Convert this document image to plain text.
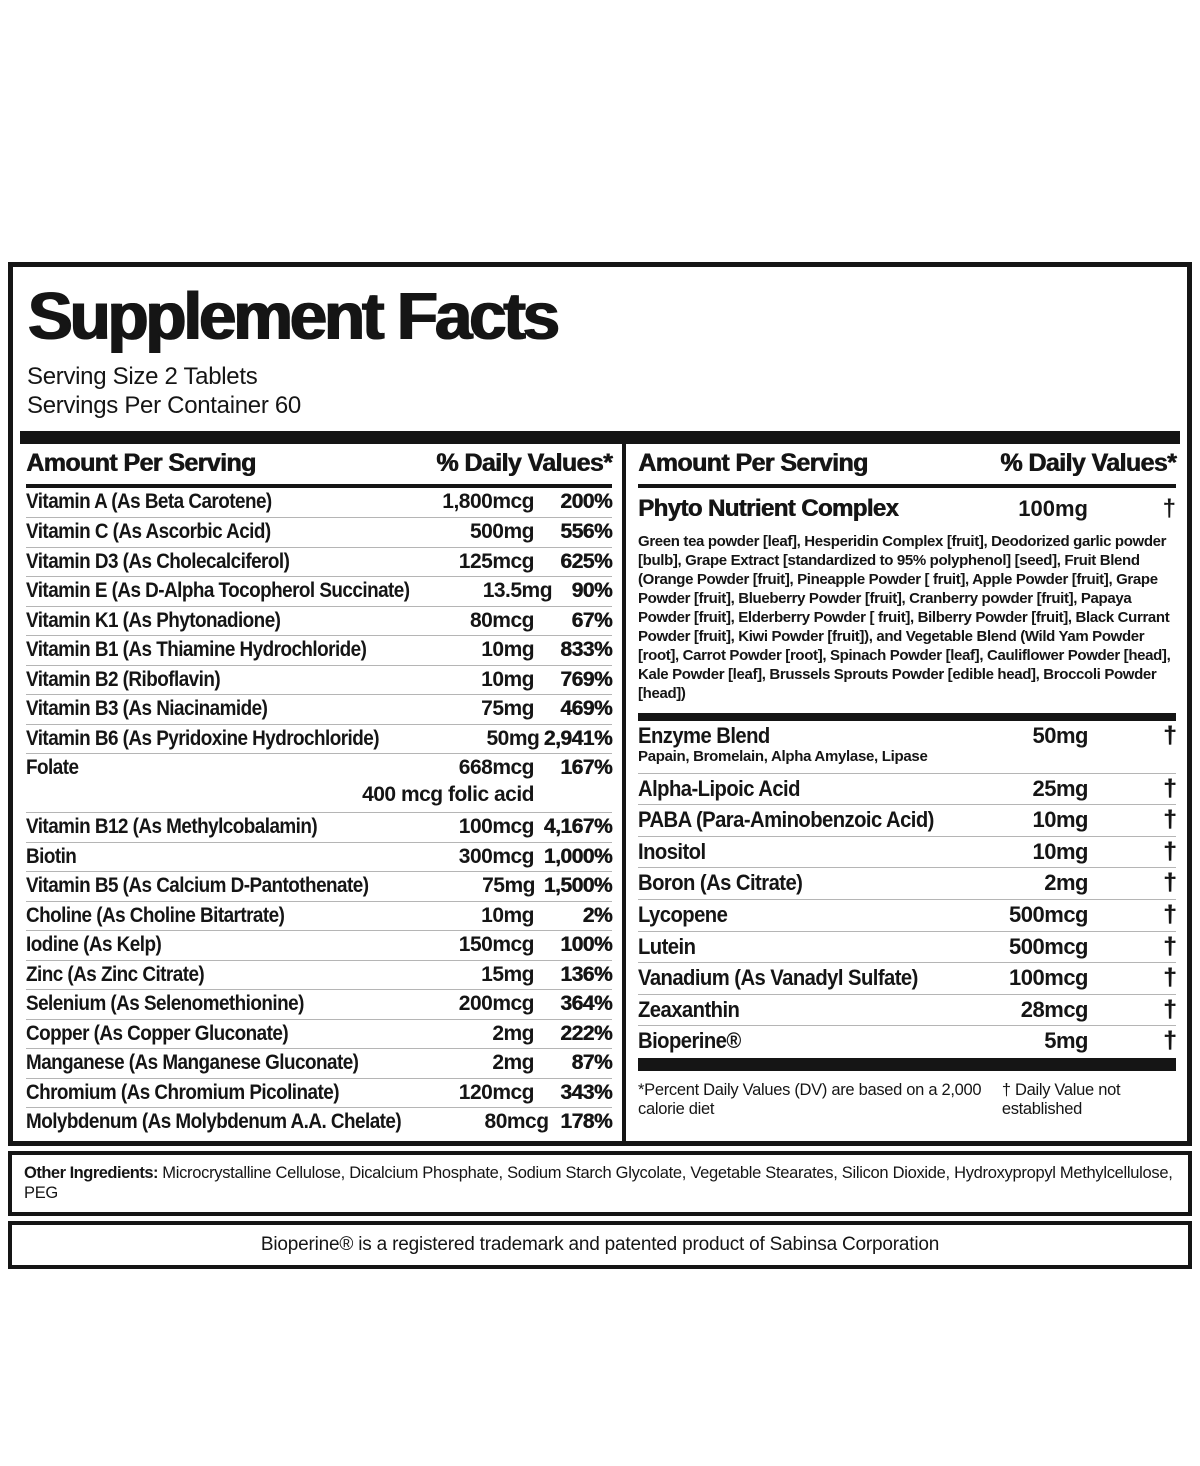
Supplement Facts
Serving Size 2 Tablets
Servings Per Container 60
Amount Per Serving	% Daily Values*
Vitamin A (As Beta Carotene)	1,800mcg	200%
Vitamin C (As Ascorbic Acid)	500mg	556%
Vitamin D3 (As Cholecalciferol)	125mcg	625%
Vitamin E (As D-Alpha Tocopherol Succinate)	13.5mg 90%
Vitamin K1 (As Phytonadione)	80mcg	67%
Vitamin B1 (As Thiamine Hydrochloride)	10mg	833%
Vitamin B2 (Riboflavin)	10mg	769%
Vitamin B3 (As Niacinamide)	75mg	469%
Vitamin B6 (As Pyridoxine Hydrochloride)	50mg 2,941%
Folate	668mcg	167%
400 mcg folic acid
Vitamin B12 (As Methylcobalamin)	100mcg 4,167%
Biotin	300mcg 1,000%
Vitamin B5 (As Calcium D-Pantothenate)	75mg 1,500%
Choline (As Choline Bitartrate)	10mg	2%
Iodine (As Kelp)	150mcg	100%
Zinc (As Zinc Citrate)	15mg	136%
Selenium (As Selenomethionine)	200mcg	364%
Copper (As Copper Gluconate)	2mg	222%
Manganese (As Manganese Gluconate)	2mg	87%
Chromium (As Chromium Picolinate)	120mcg	343%
Molybdenum (As Molybdenum A.A. Chelate)	80mcg 178%
Amount Per Serving	% Daily Values*
Phyto Nutrient Complex	100mg	†
Green tea powder [leaf], Hesperidin Complex [fruit], Deodorized garlic powder [bulb], Grape Extract [standardized to 95% polyphenol] [seed], Fruit Blend (Orange Powder [fruit], Pineapple Powder [ fruit], Apple Powder [fruit], Grape Powder [fruit], Blueberry Powder [fruit], Cranberry powder [fruit], Papaya Powder [fruit], Elderberry Powder [ fruit], Bilberry Powder [fruit], Black Currant Powder [fruit], Kiwi Powder [fruit]), and Vegetable Blend (Wild Yam Powder [root], Carrot Powder [root], Spinach Powder [leaf], Cauliflower Powder [head], Kale Powder [leaf], Brussels Sprouts Powder [edible head], Broccoli Powder [head])
Enzyme Blend	50mg	†
Papain, Bromelain, Alpha Amylase, Lipase
Alpha-Lipoic Acid	25mg	†
PABA (Para-Aminobenzoic Acid)	10mg	†
Inositol	10mg	†
Boron (As Citrate)	2mg	†
Lycopene	500mcg	†
Lutein	500mcg	†
Vanadium (As Vanadyl Sulfate)	100mcg	†
Zeaxanthin	28mcg	†
Bioperine®	5mg	†
*Percent Daily Values (DV) are based on a 2,000 calorie diet
† Daily Value not established
Other Ingredients: Microcrystalline Cellulose, Dicalcium Phosphate, Sodium Starch Glycolate, Vegetable Stearates, Silicon Dioxide, Hydroxypropyl Methylcellulose, PEG
Bioperine® is a registered trademark and patented product of Sabinsa Corporation
